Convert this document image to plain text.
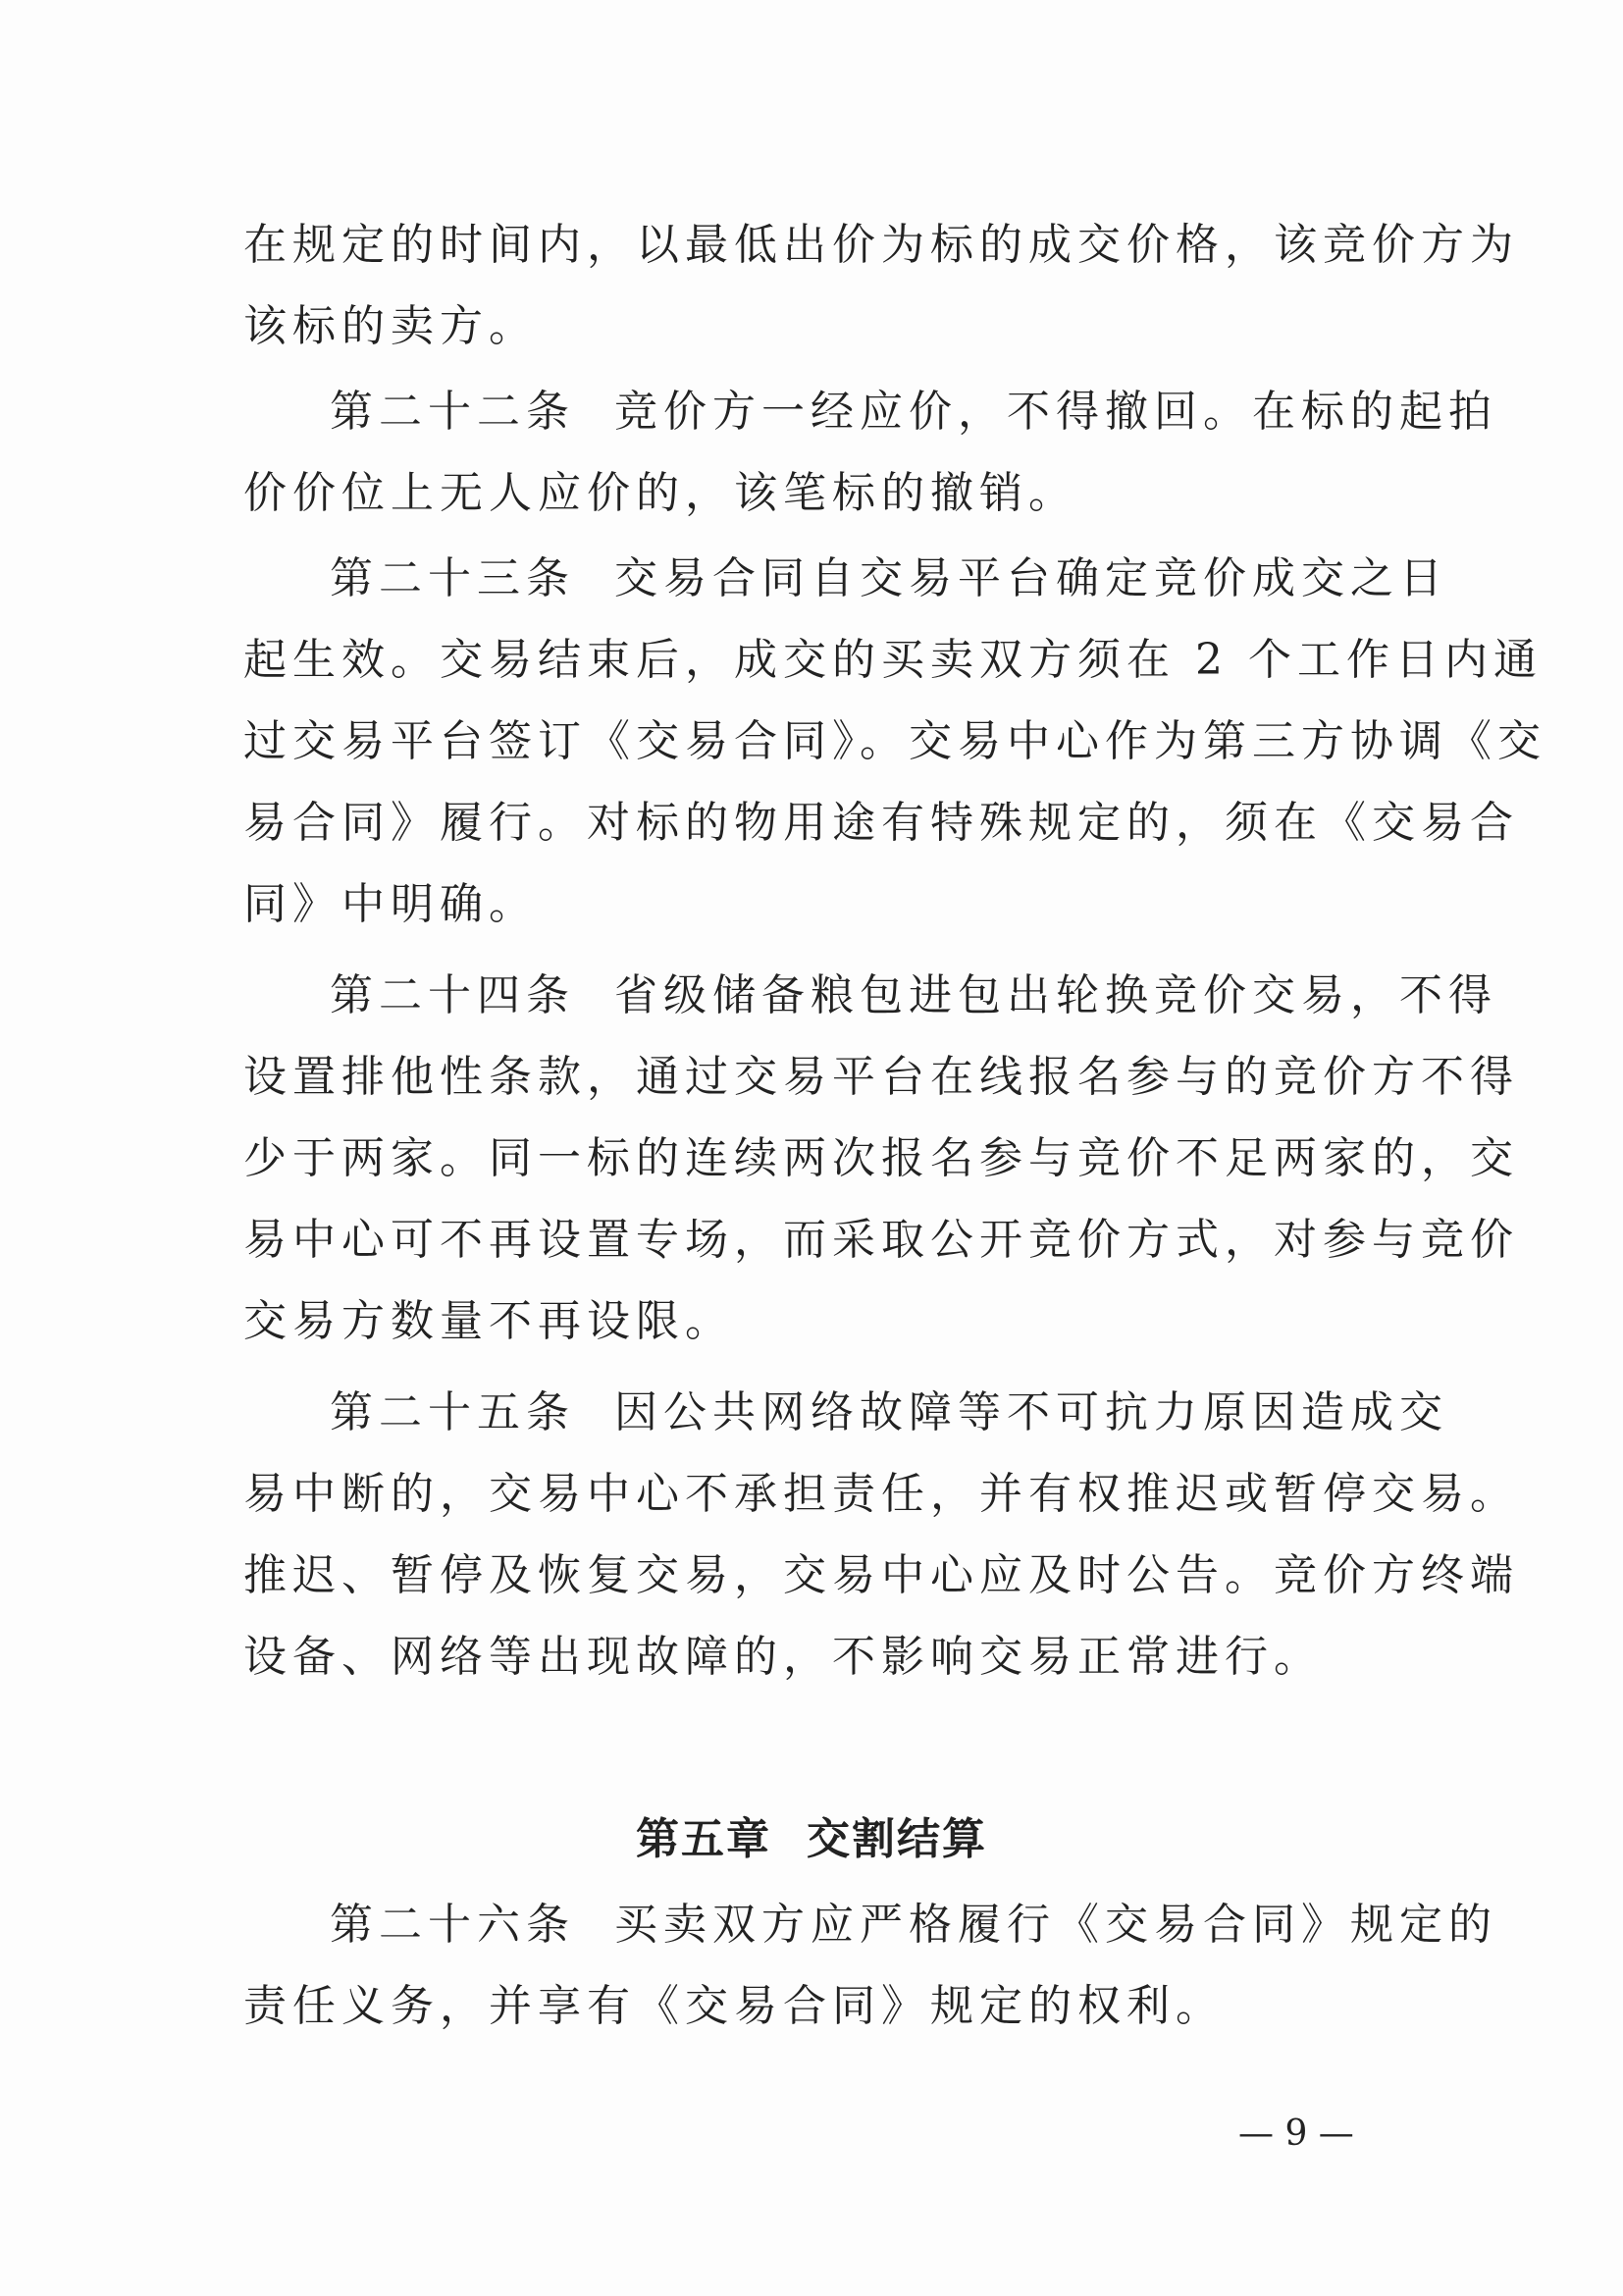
在规定的时间内，以最低出价为标的成交价格，该竞价方为
该标的卖方。
第二十二条 竞价方一经应价，不得撤回。在标的起拍
价价位上无人应价的，该笔标的撤销。
第二十三条 交易合同自交易平台确定竞价成交之日
起生效。交易结束后，成交的买卖双方须在 2 个工作日内通
过交易平台签订《交易合同》。交易中心作为第三方协调《交
易合同》履行。对标的物用途有特殊规定的，须在《交易合
同》中明确。
第二十四条 省级储备粮包进包出轮换竞价交易，不得
设置排他性条款，通过交易平台在线报名参与的竞价方不得
少于两家。同一标的连续两次报名参与竞价不足两家的，交
易中心可不再设置专场，而采取公开竞价方式，对参与竞价
交易方数量不再设限。
第二十五条 因公共网络故障等不可抗力原因造成交
易中断的，交易中心不承担责任，并有权推迟或暂停交易。
推迟、暂停及恢复交易，交易中心应及时公告。竞价方终端
设备、网络等出现故障的，不影响交易正常进行。
第五章 交割结算
第二十六条 买卖双方应严格履行《交易合同》规定的
责任义务，并享有《交易合同》规定的权利。
— 9 —
